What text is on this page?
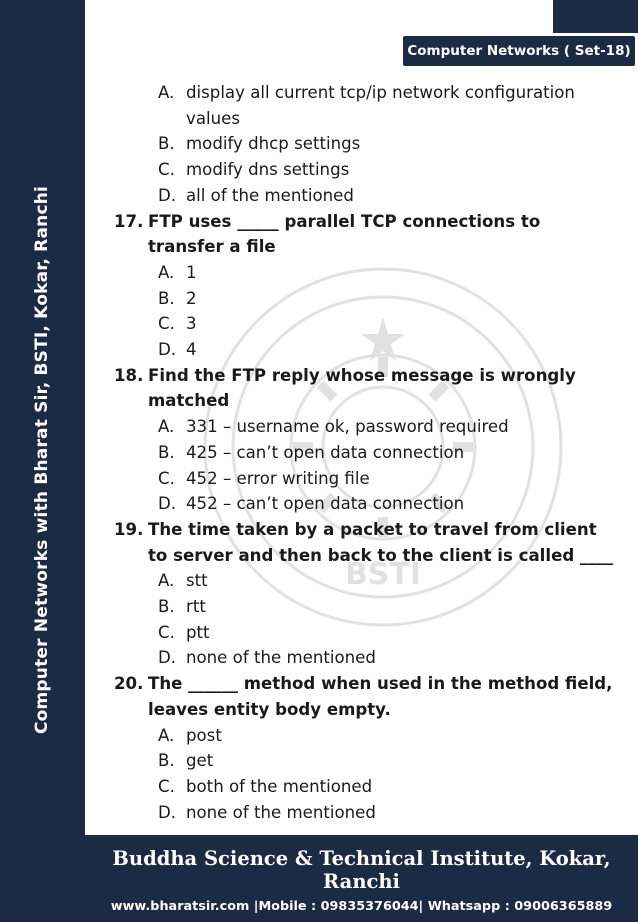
Computer Networks with Bharat Sir, BSTI, Kokar, Ranchi
Computer Networks ( Set-18)
BSTI
A. display all current tcp/ip network configuration values
B. modify dhcp settings
C. modify dns settings
D. all of the mentioned
17. FTP uses _____ parallel TCP connections to transfer a file
A. 1
B. 2
C. 3
D. 4
18. Find the FTP reply whose message is wrongly matched
A. 331 – username ok, password required
B. 425 – can’t open data connection
C. 452 – error writing file
D. 452 – can’t open data connection
19. The time taken by a packet to travel from client to server and then back to the client is called ____
A. stt
B. rtt
C. ptt
D. none of the mentioned
20. The ______ method when used in the method field, leaves entity body empty.
A. post
B. get
C. both of the mentioned
D. none of the mentioned
Buddha Science & Technical Institute, Kokar, Ranchi
www.bharatsir.com |Mobile : 09835376044| Whatsapp : 09006365889
